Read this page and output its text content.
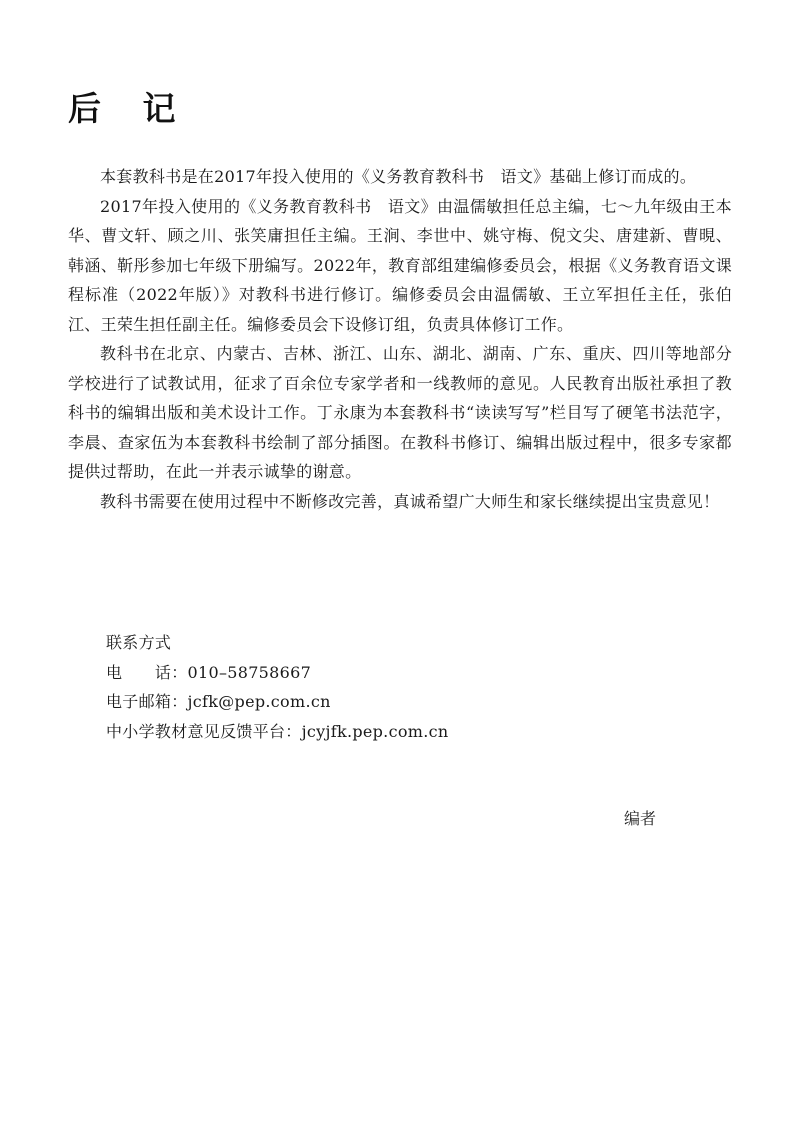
后 记

本套教科书是在2017年投入使用的《义务教育教科书　语文》基础上修订而成的。

2017年投入使用的《义务教育教科书　语文》由温儒敏担任总主编，七～九年级由王本华、曹文轩、顾之川、张笑庸担任主编。王涧、李世中、姚守梅、倪文尖、唐建新、曹晛、韩涵、靳彤参加七年级下册编写。2022年，教育部组建编修委员会，根据《义务教育语文课程标准（2022年版）》对教科书进行修订。编修委员会由温儒敏、王立军担任主任，张伯江、王荣生担任副主任。编修委员会下设修订组，负责具体修订工作。

教科书在北京、内蒙古、吉林、浙江、山东、湖北、湖南、广东、重庆、四川等地部分学校进行了试教试用，征求了百余位专家学者和一线教师的意见。人民教育出版社承担了教科书的编辑出版和美术设计工作。丁永康为本套教科书“读读写写”栏目写了硬笔书法范字，李晨、查家伍为本套教科书绘制了部分插图。在教科书修订、编辑出版过程中，很多专家都提供过帮助，在此一并表示诚挚的谢意。

教科书需要在使用过程中不断修改完善，真诚希望广大师生和家长继续提出宝贵意见！

联系方式
电　　话：010–58758667
电子邮箱：jcfk@pep.com.cn
中小学教材意见反馈平台：jcyjfk.pep.com.cn
编者
